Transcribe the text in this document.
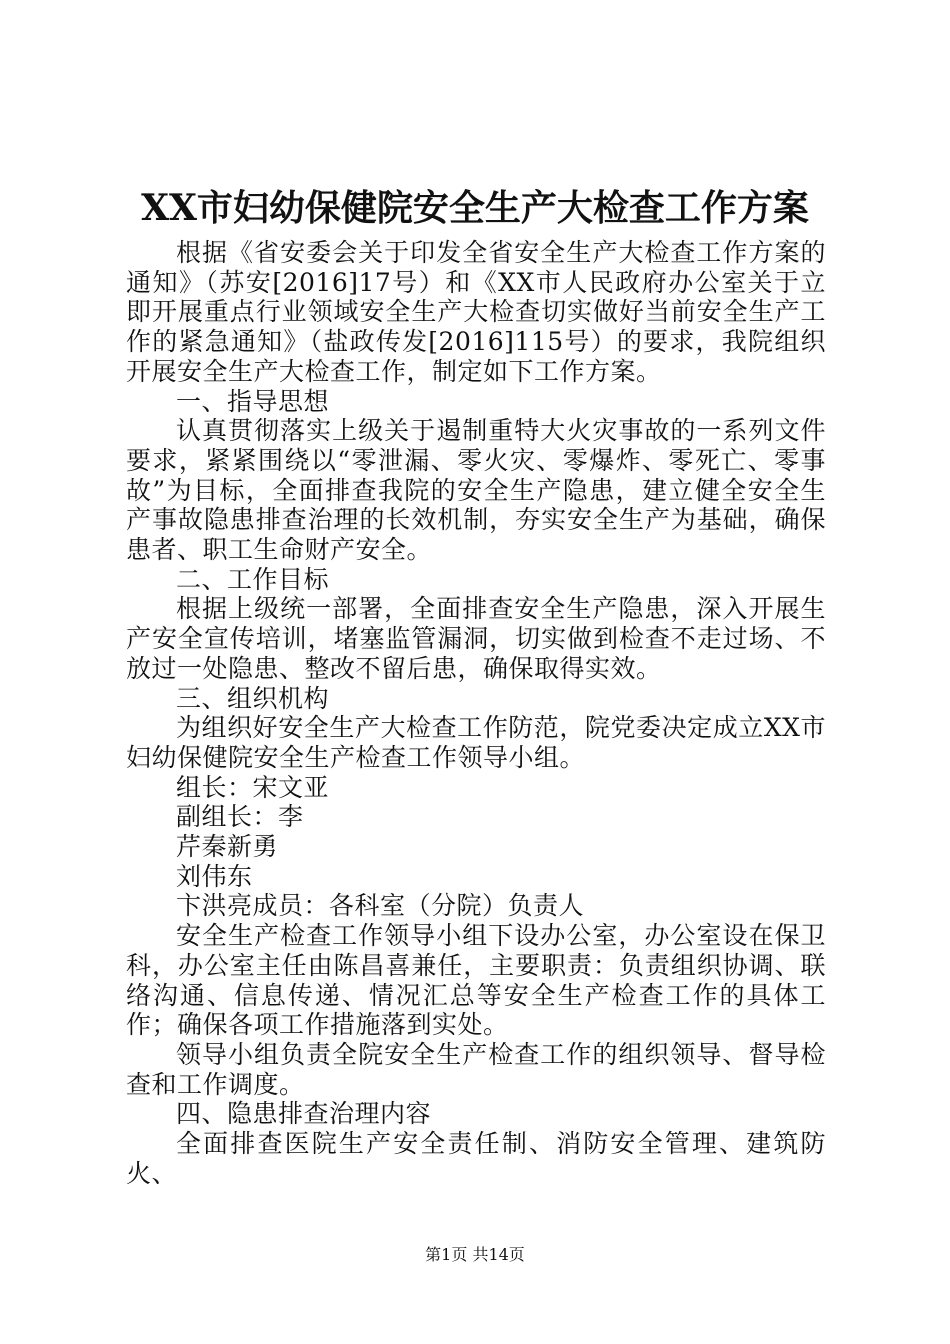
XX市妇幼保健院安全生产大检查工作方案

根据《省安委会关于印发全省安全生产大检查工作方案的通知》（苏安[2016]17号）和《XX市人民政府办公室关于立即开展重点行业领域安全生产大检查切实做好当前安全生产工作的紧急通知》（盐政传发[2016]115号）的要求，我院组织开展安全生产大检查工作，制定如下工作方案。

一、指导思想

认真贯彻落实上级关于遏制重特大火灾事故的一系列文件要求，紧紧围绕以“零泄漏、零火灾、零爆炸、零死亡、零事故”为目标，全面排查我院的安全生产隐患，建立健全安全生产事故隐患排查治理的长效机制，夯实安全生产为基础，确保患者、职工生命财产安全。

二、工作目标

根据上级统一部署，全面排查安全生产隐患，深入开展生产安全宣传培训，堵塞监管漏洞，切实做到检查不走过场、不放过一处隐患、整改不留后患，确保取得实效。

三、组织机构

为组织好安全生产大检查工作防范，院党委决定成立XX市妇幼保健院安全生产检查工作领导小组。

组长：宋文亚

副组长：李

芹秦新勇

刘伟东

卞洪亮成员：各科室（分院）负责人

安全生产检查工作领导小组下设办公室，办公室设在保卫科，办公室主任由陈昌喜兼任，主要职责：负责组织协调、联络沟通、信息传递、情况汇总等安全生产检查工作的具体工作；确保各项工作措施落到实处。

领导小组负责全院安全生产检查工作的组织领导、督导检查和工作调度。

四、隐患排查治理内容

全面排查医院生产安全责任制、消防安全管理、建筑防火、

第1页 共14页
